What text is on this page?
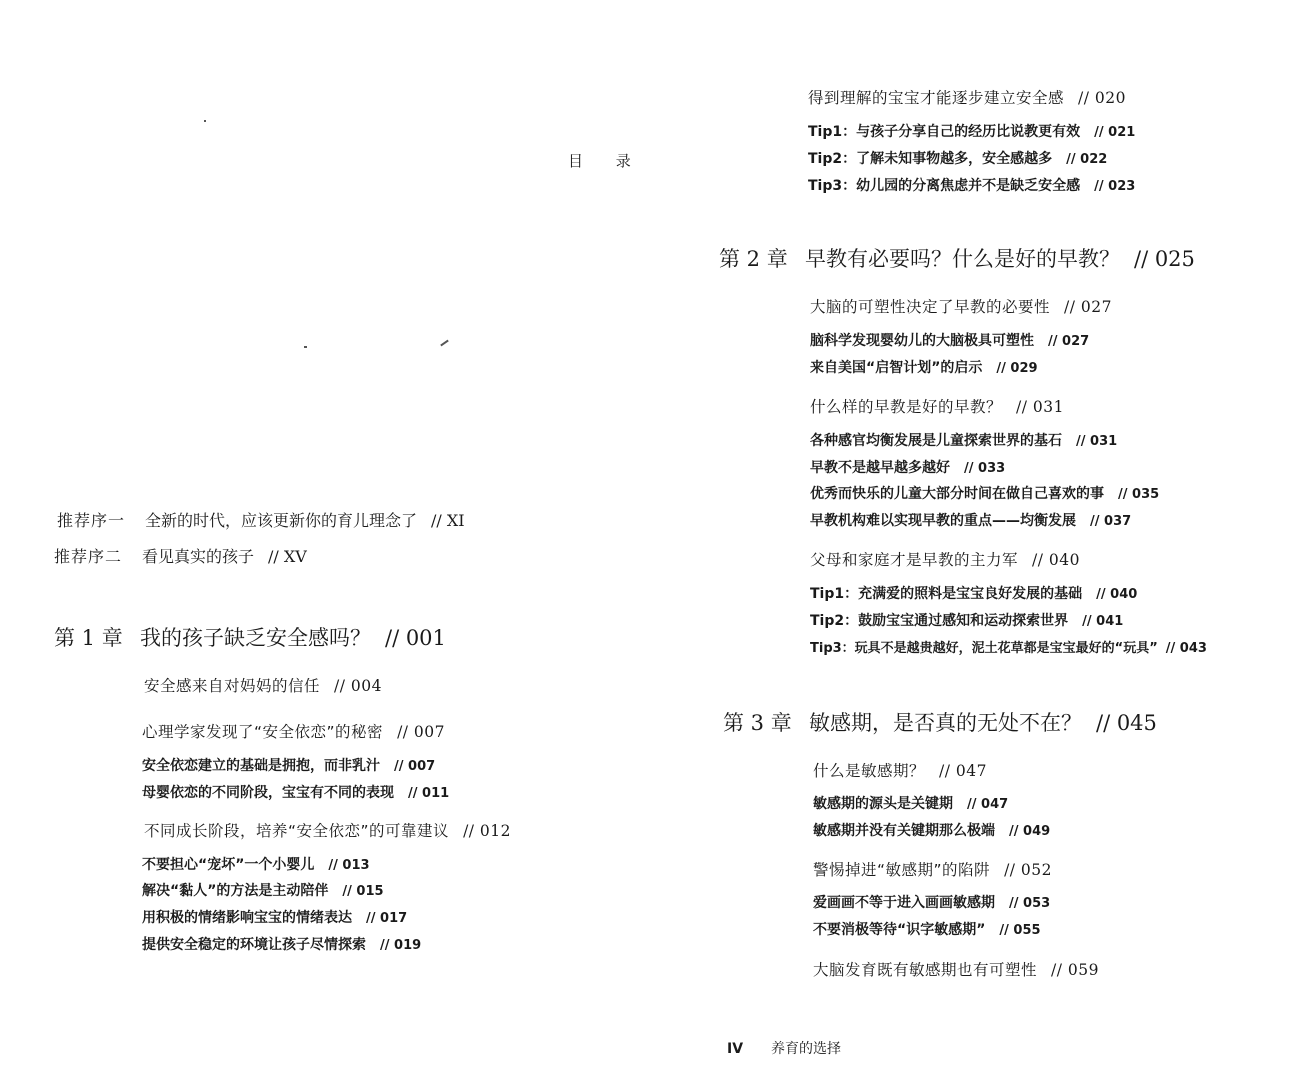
目 录
推荐序一 全新的时代，应该更新你的育儿理念了 // XI
推荐序二 看见真实的孩子 // XV
第 1 章 我的孩子缺乏安全感吗？ // 001
安全感来自对妈妈的信任 // 004
心理学家发现了“安全依恋”的秘密 // 007
安全依恋建立的基础是拥抱，而非乳汁 // 007
母婴依恋的不同阶段，宝宝有不同的表现 // 011
不同成长阶段，培养“安全依恋”的可靠建议 // 012
不要担心“宠坏”一个小婴儿 // 013
解决“黏人”的方法是主动陪伴 // 015
用积极的情绪影响宝宝的情绪表达 // 017
提供安全稳定的环境让孩子尽情探索 // 019
得到理解的宝宝才能逐步建立安全感 // 020
Tip1：与孩子分享自己的经历比说教更有效 // 021
Tip2：了解未知事物越多，安全感越多 // 022
Tip3：幼儿园的分离焦虑并不是缺乏安全感 // 023
第 2 章 早教有必要吗？什么是好的早教？ // 025
大脑的可塑性决定了早教的必要性 // 027
脑科学发现婴幼儿的大脑极具可塑性 // 027
来自美国“启智计划”的启示 // 029
什么样的早教是好的早教？ // 031
各种感官均衡发展是儿童探索世界的基石 // 031
早教不是越早越多越好 // 033
优秀而快乐的儿童大部分时间在做自己喜欢的事 // 035
早教机构难以实现早教的重点——均衡发展 // 037
父母和家庭才是早教的主力军 // 040
Tip1：充满爱的照料是宝宝良好发展的基础 // 040
Tip2：鼓励宝宝通过感知和运动探索世界 // 041
Tip3：玩具不是越贵越好，泥土花草都是宝宝最好的“玩具” // 043
第 3 章 敏感期，是否真的无处不在？ // 045
什么是敏感期？ // 047
敏感期的源头是关键期 // 047
敏感期并没有关键期那么极端 // 049
警惕掉进“敏感期”的陷阱 // 052
爱画画不等于进入画画敏感期 // 053
不要消极等待“识字敏感期” // 055
大脑发育既有敏感期也有可塑性 // 059
IV 养育的选择
